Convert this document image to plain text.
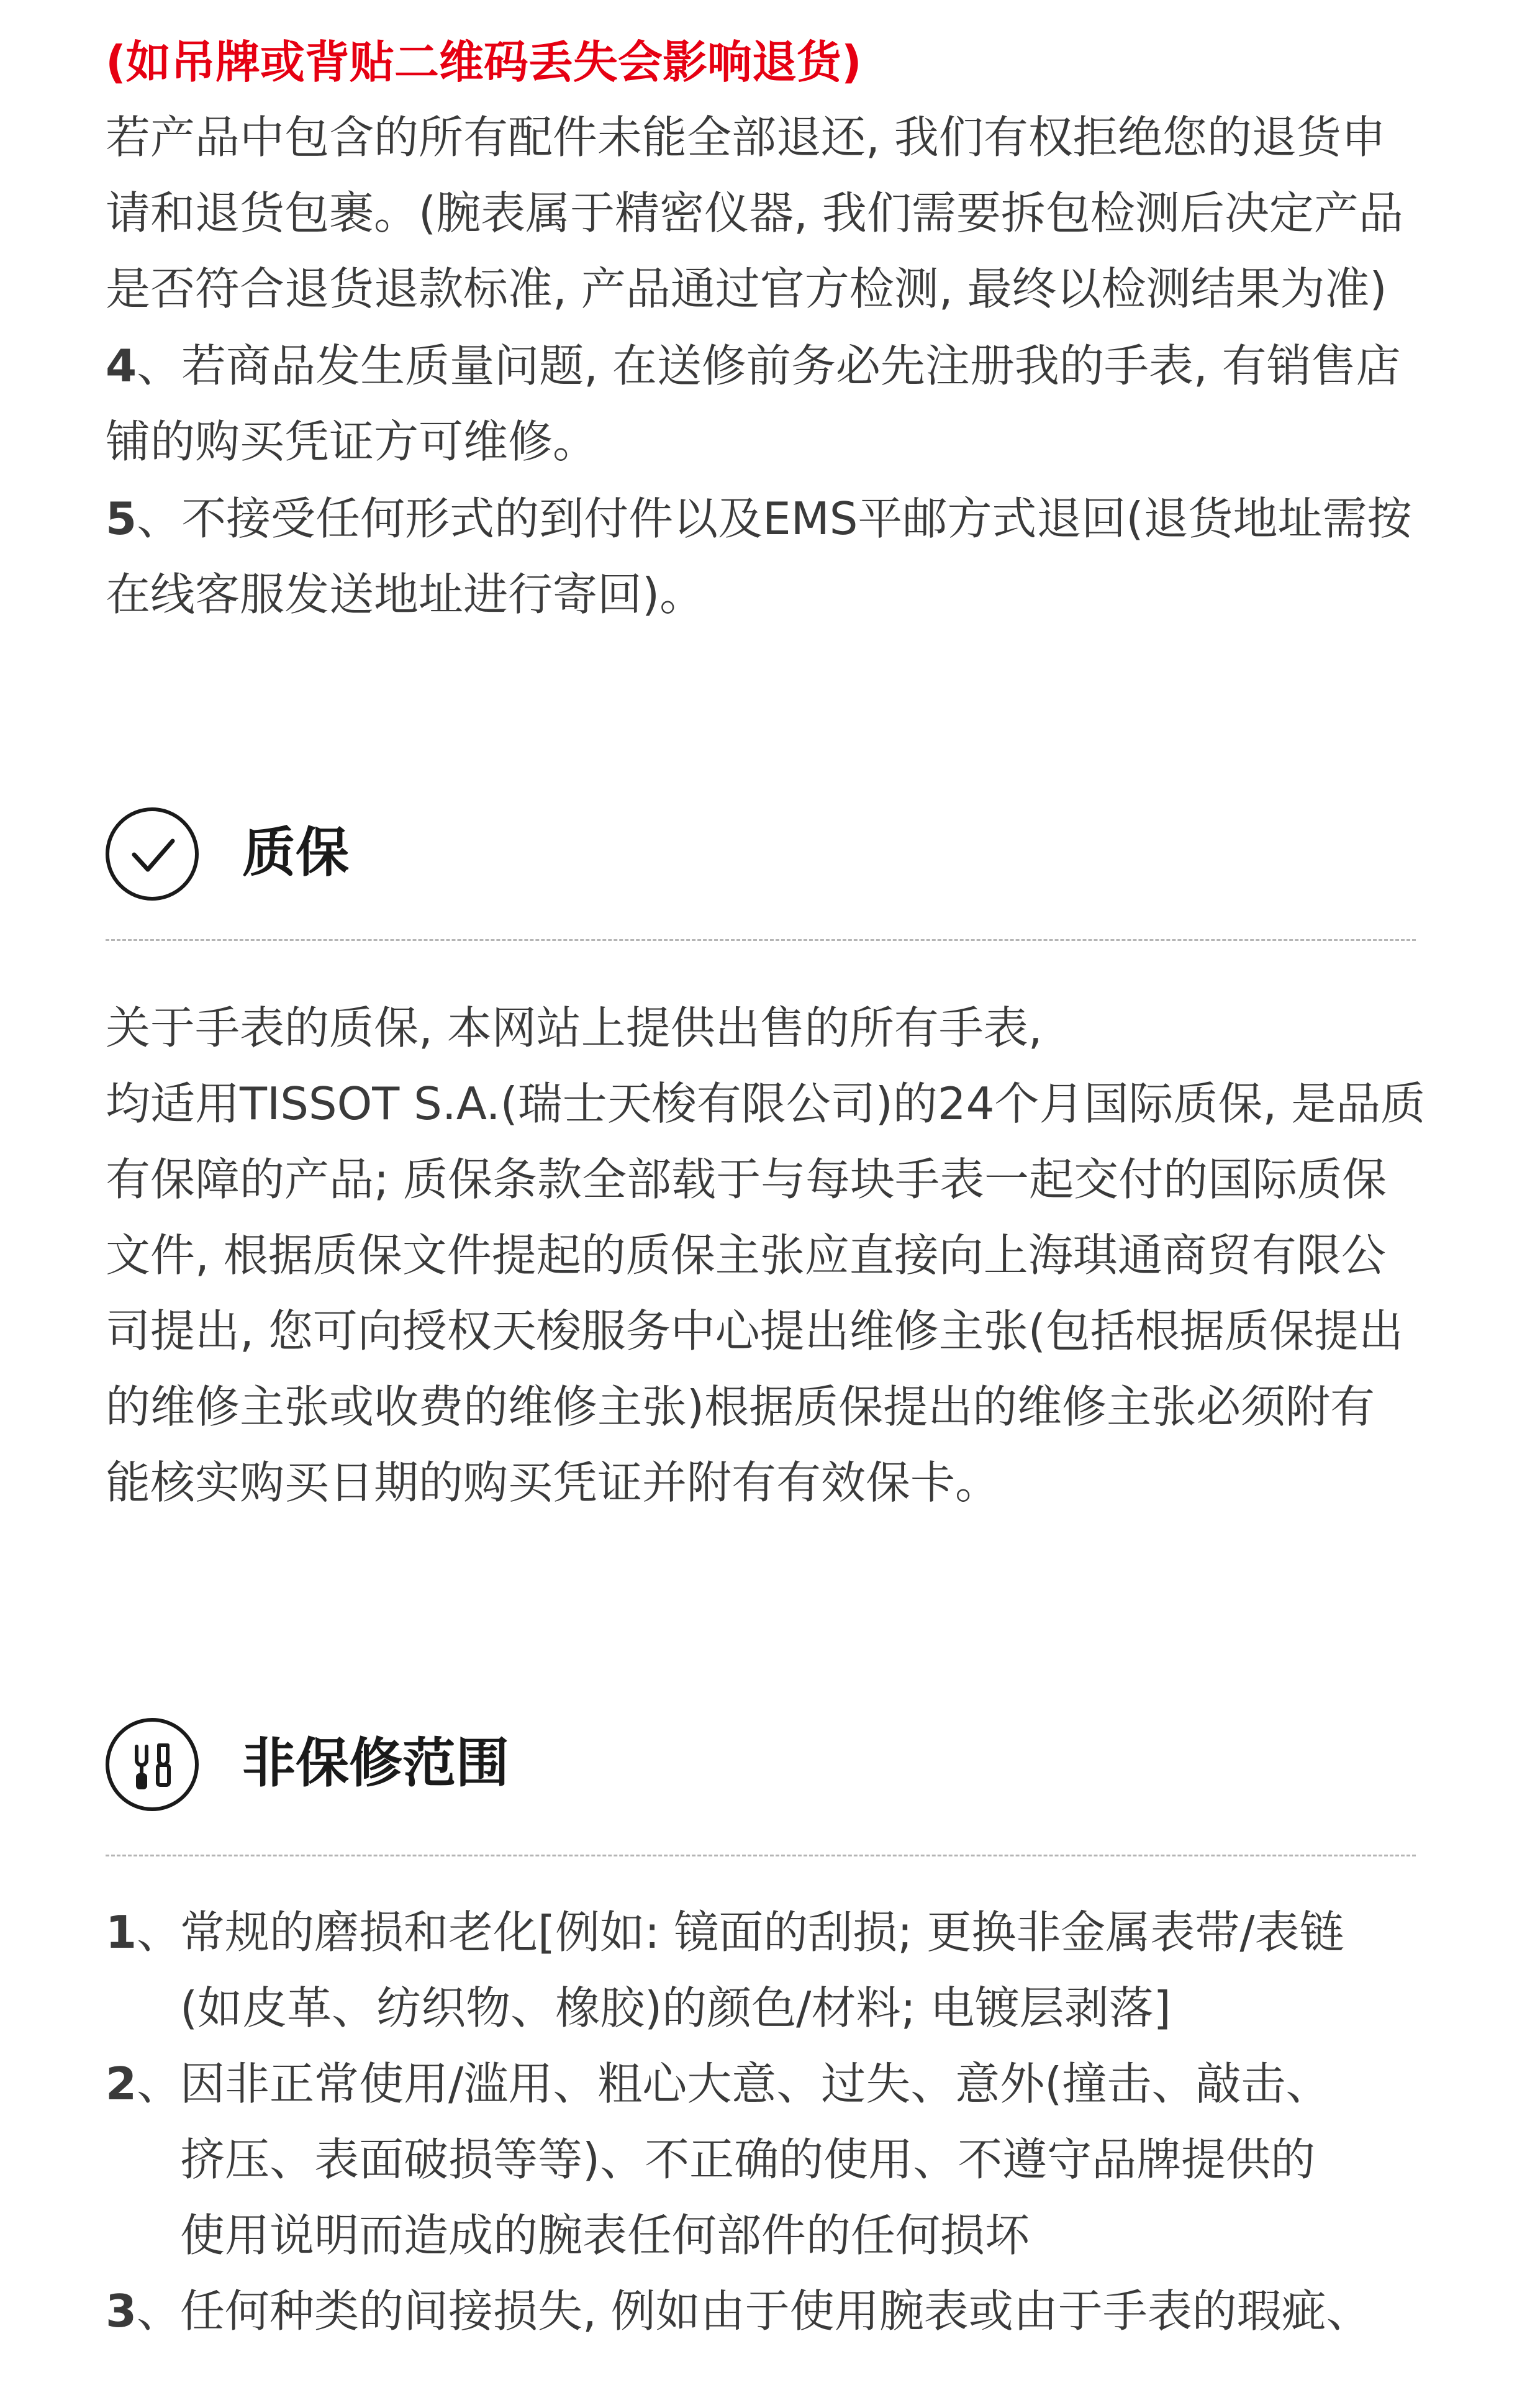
(如吊牌或背贴二维码丢失会影响退货)
若产品中包含的所有配件未能全部退还, 我们有权拒绝您的退货申
请和退货包裹。(腕表属于精密仪器, 我们需要拆包检测后决定产品
是否符合退货退款标准, 产品通过官方检测, 最终以检测结果为准)
4、若商品发生质量问题, 在送修前务必先注册我的手表, 有销售店
铺的购买凭证方可维修。
5、不接受任何形式的到付件以及EMS平邮方式退回(退货地址需按
在线客服发送地址进行寄回)。
质保
关于手表的质保, 本网站上提供出售的所有手表,
均适用TISSOT S.A.(瑞士天梭有限公司)的24个月国际质保, 是品质
有保障的产品; 质保条款全部载于与每块手表一起交付的国际质保
文件, 根据质保文件提起的质保主张应直接向上海琪通商贸有限公
司提出, 您可向授权天梭服务中心提出维修主张(包括根据质保提出
的维修主张或收费的维修主张)根据质保提出的维修主张必须附有
能核实购买日期的购买凭证并附有有效保卡。
非保修范围
1、
常规的磨损和老化[例如: 镜面的刮损; 更换非金属表带/表链
(如皮革、纺织物、橡胶)的颜色/材料; 电镀层剥落]
2、
因非正常使用/滥用、粗心大意、过失、意外(撞击、敲击、
挤压、表面破损等等)、不正确的使用、不遵守品牌提供的
使用说明而造成的腕表任何部件的任何损坏
3、
任何种类的间接损失, 例如由于使用腕表或由于手表的瑕疵、
